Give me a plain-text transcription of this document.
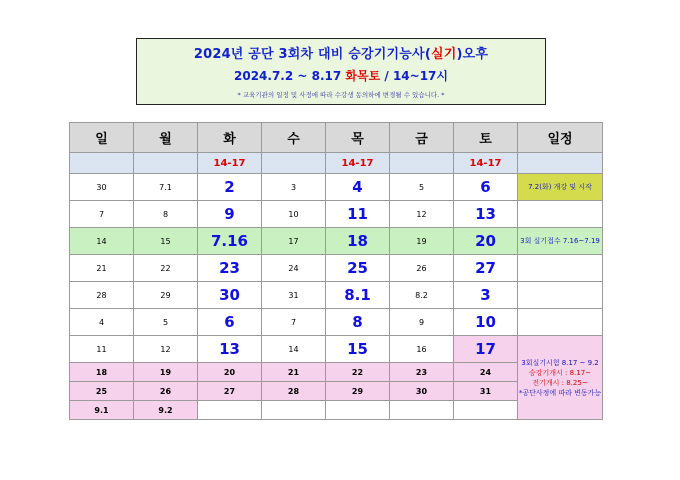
2024년 공단 3회차 대비 승강기기능사(실기)오후
2024.7.2 ~ 8.17 화목토 / 14~17시
* 교육기관의 일정 및 사정에 따라 수강생 동의하에 변경될 수 있습니다. *
일	월	화	수	목	금	토	일정
		14-17		14-17		14-17	
30	7.1	2	3	4	5	6	7.2(화) 개강 및 시작
7	8	9	10	11	12	13	
14	15	7.16	17	18	19	20	3회 실기접수 7.16~7.19
21	22	23	24	25	26	27	
28	29	30	31	8.1	8.2	3	
4	5	6	7	8	9	10	
11	12	13	14	15	16	17	3회실기시험 8.17 ~ 9.2
승강기개시 : 8.17~
전기개시 : 8.25~
*공단사정에 따라 변동가능

18	19	20	21	22	23	24	
25	26	27	28	29	30	31	
9.1	9.2						
